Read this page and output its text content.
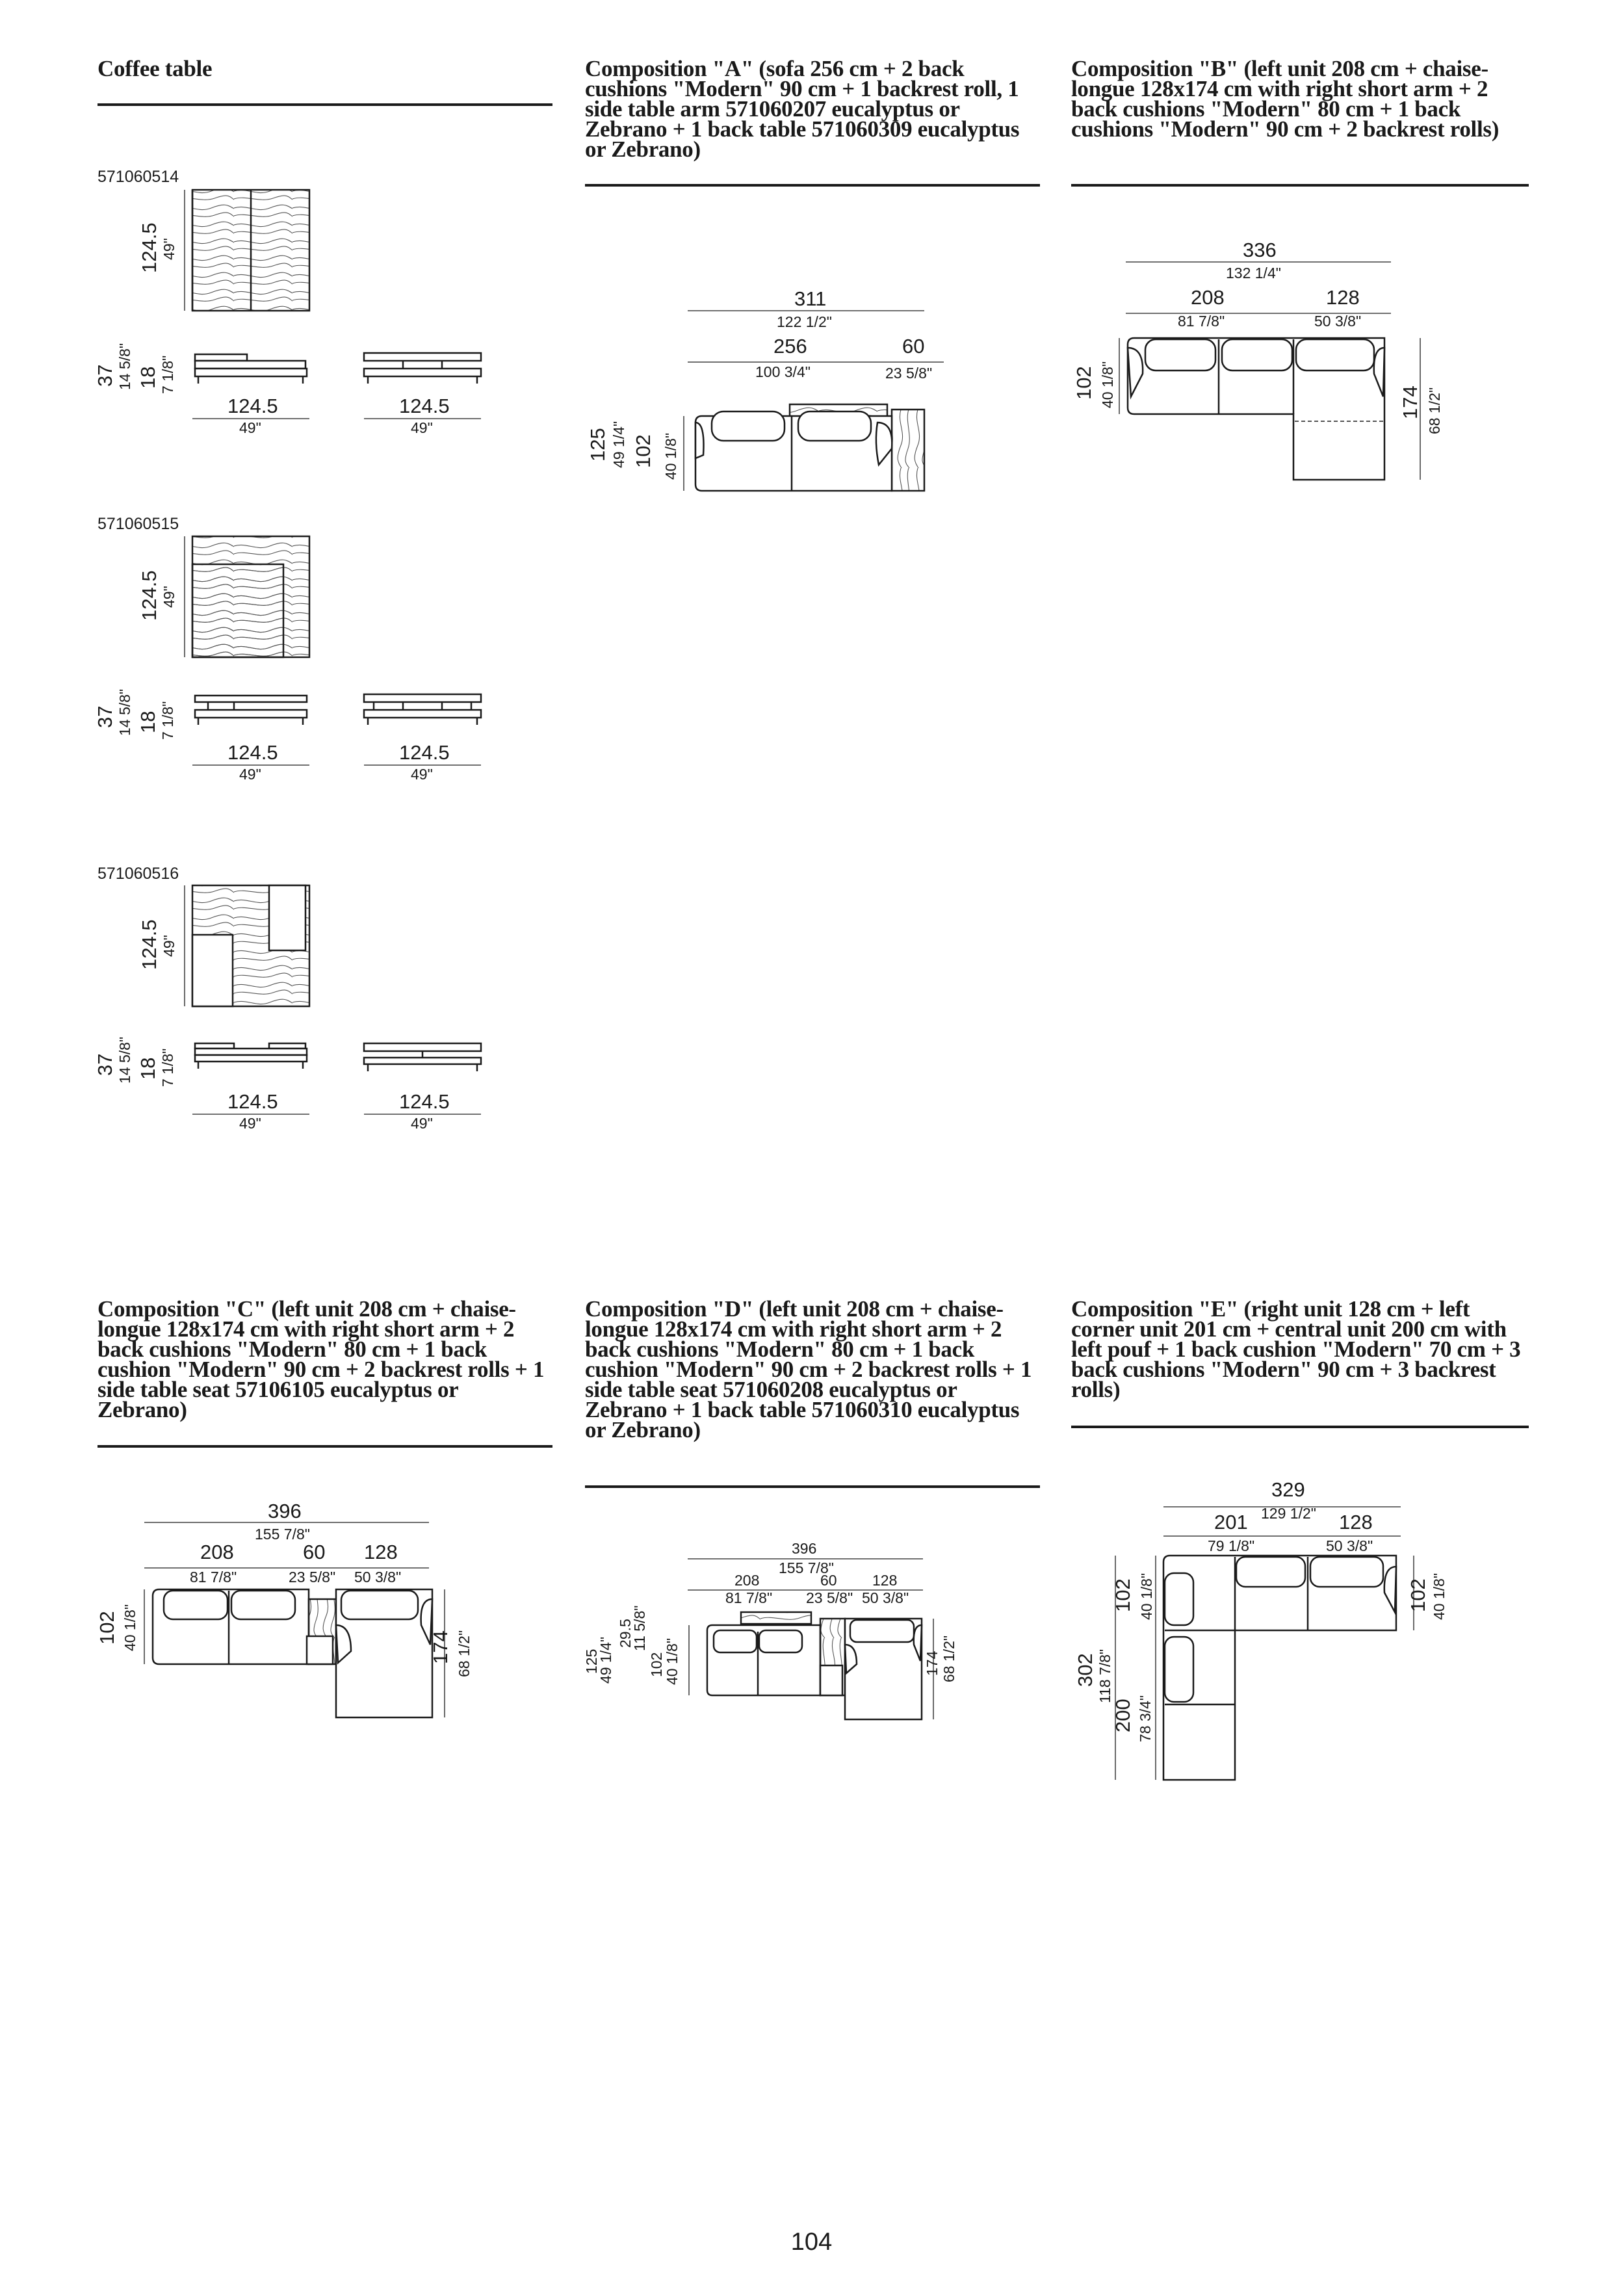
Coffee table	Composition "A" (sofa 256 cm + 2 back cushions "Modern" 90 cm + 1 backrest roll, 1 side table arm 571060207 eucalyptus or Zebrano + 1 back table 571060309 eucalyptus or Zebrano)
Composition "B" (left unit 208 cm + chaise-longue 128x174 cm with right short arm + 2 back cushions "Modern" 80 cm + 1 back cushions "Modern" 90 cm + 2 backrest rolls)
Composition "C" (left unit 208 cm + chaise-longue 128x174 cm with right short arm + 2 back cushions "Modern" 80 cm + 1 back cushion "Modern" 90 cm + 2 backrest rolls + 1 side table seat 57106105 eucalyptus or Zebrano)
Composition "D" (left unit 208 cm + chaise-longue 128x174 cm with right short arm + 2 back cushions "Modern" 80 cm + 1 back cushion "Modern" 90 cm + 2 backrest rolls + 1 side table seat 571060208 eucalyptus or Zebrano + 1 back table 571060310 eucalyptus or Zebrano)
Composition "E" (right unit 128 cm + left corner unit 201 cm + central unit 200 cm with left pouf + 1 back cushion "Modern" 70 cm + 3 back cushions "Modern" 90 cm + 3 backrest rolls)
571060514
571060515
571060516
104
124.5 49"
37 14 5/8" 18 7 1/8"
124.5
49"
124.5
49"
124.5 49"
37 14 5/8" 18 7 1/8"
124.5
49"
124.5
49"
124.5 49"
37 14 5/8" 18 7 1/8"
124.5
49"
124.5
49"
311
122 1/2"
256
100 3/4"
60
23 5/8"
125 49 1/4" 102 40 1/8"
336
132 1/4"
208
81 7/8"
128
50 3/8"
102 40 1/8"	174 68 1/2"
396
155 7/8"
208
81 7/8"
60
23 5/8"
128
50 3/8"
102 40 1/8"	174 68 1/2"
396
155 7/8"
208
81 7/8"
60
23 5/8"
128
50 3/8"
125
49 1/4"
29.5
11 5/8"
102
40 1/8"	174 68 1/2"
329
129 1/2"
201
79 1/8"
128
50 3/8"
102 40 1/8"	102 40 1/8"
302 118 7/8"
200 78 3/4"
